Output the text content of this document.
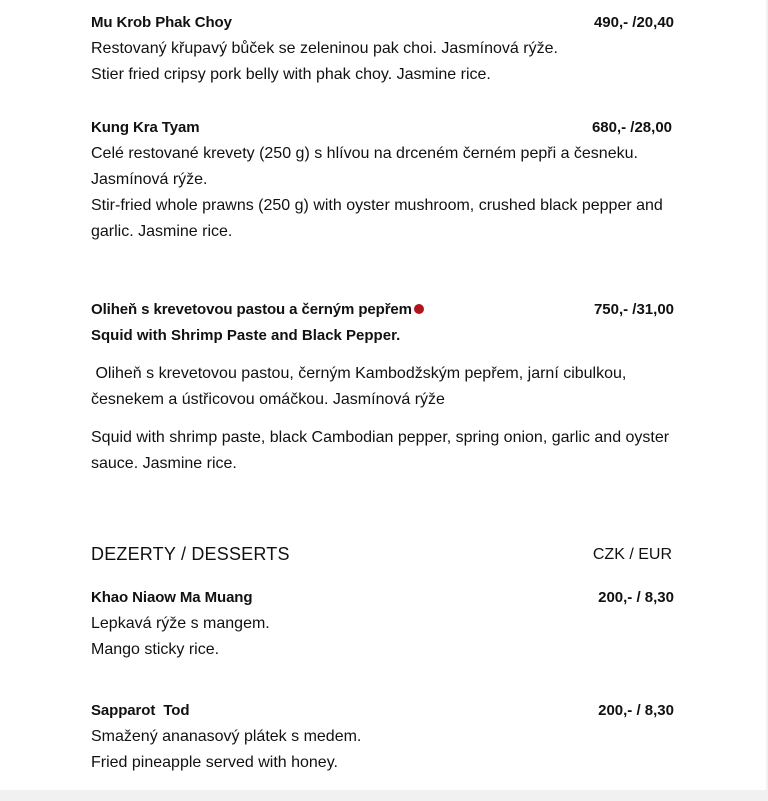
Mu Krob Phak Choy	490,- /20,40

Restovaný křupavý bůček se zeleninou pak choi. Jasmínová rýže.

Stier fried cripsy pork belly with phak choy. Jasmine rice.

Kung Kra Tyam	680,- /28,00

Celé restované krevety (250 g) s hlívou na drceném černém pepři a česneku.

Jasmínová rýže.

Stir-fried whole prawns (250 g) with oyster mushroom, crushed black pepper and

garlic. Jasmine rice.

Oliheň s krevetovou pastou a černým pepřem	750,- /31,00
Squid with Shrimp Paste and Black Pepper.

Oliheň s krevetovou pastou, černým Kambodžským pepřem, jarní cibulkou,

česnekem a ústřicovou omáčkou. Jasmínová rýže

Squid with shrimp paste, black Cambodian pepper, spring onion, garlic and oyster

sauce. Jasmine rice.

DEZERTY / DESSERTS	CZK / EUR
Khao Niaow Ma Muang	200,- / 8,30

Lepkavá rýže s mangem.

Mango sticky rice.

Sapparot  Tod	200,- / 8,30

Smažený ananasový plátek s medem.

Fried pineapple served with honey.
